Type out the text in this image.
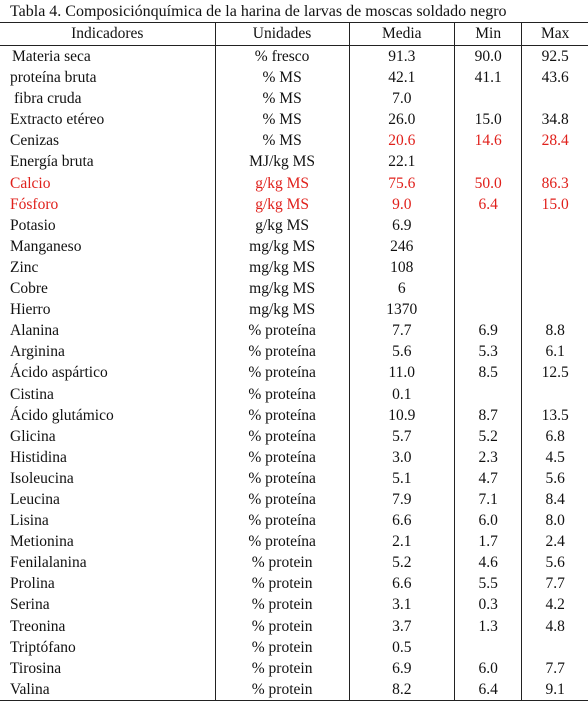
Tabla 4. Composiciónquímica de la harina de larvas de moscas soldado negro
Indicadores	Unidades	Media	Min	Max
Materia seca	% fresco	91.3	90.0	92.5
proteína bruta	% MS	42.1	41.1	43.6
fibra cruda	% MS	7.0
Extracto etéreo	% MS	26.0	15.0	34.8
Cenizas	% MS	20.6	14.6	28.4
Energía bruta	MJ/kg MS	22.1
Calcio	g/kg MS	75.6	50.0	86.3
Fósforo	g/kg MS	9.0	6.4	15.0
Potasio	g/kg MS	6.9
Manganeso	mg/kg MS	246
Zinc	mg/kg MS	108
Cobre	mg/kg MS	6
Hierro	mg/kg MS	1370
Alanina	% proteína	7.7	6.9	8.8
Arginina	% proteína	5.6	5.3	6.1
Ácido aspártico	% proteína	11.0	8.5	12.5
Cistina	% proteína	0.1
Ácido glutámico	% proteína	10.9	8.7	13.5
Glicina	% proteína	5.7	5.2	6.8
Histidina	% proteína	3.0	2.3	4.5
Isoleucina	% proteína	5.1	4.7	5.6
Leucina	% proteína	7.9	7.1	8.4
Lisina	% proteína	6.6	6.0	8.0
Metionina	% proteína	2.1	1.7	2.4
Fenilalanina	% protein	5.2	4.6	5.6
Prolina	% protein	6.6	5.5	7.7
Serina	% protein	3.1	0.3	4.2
Treonina	% protein	3.7	1.3	4.8
Triptófano	% protein	0.5
Tirosina	% protein	6.9	6.0	7.7
Valina	% protein	8.2	6.4	9.1
